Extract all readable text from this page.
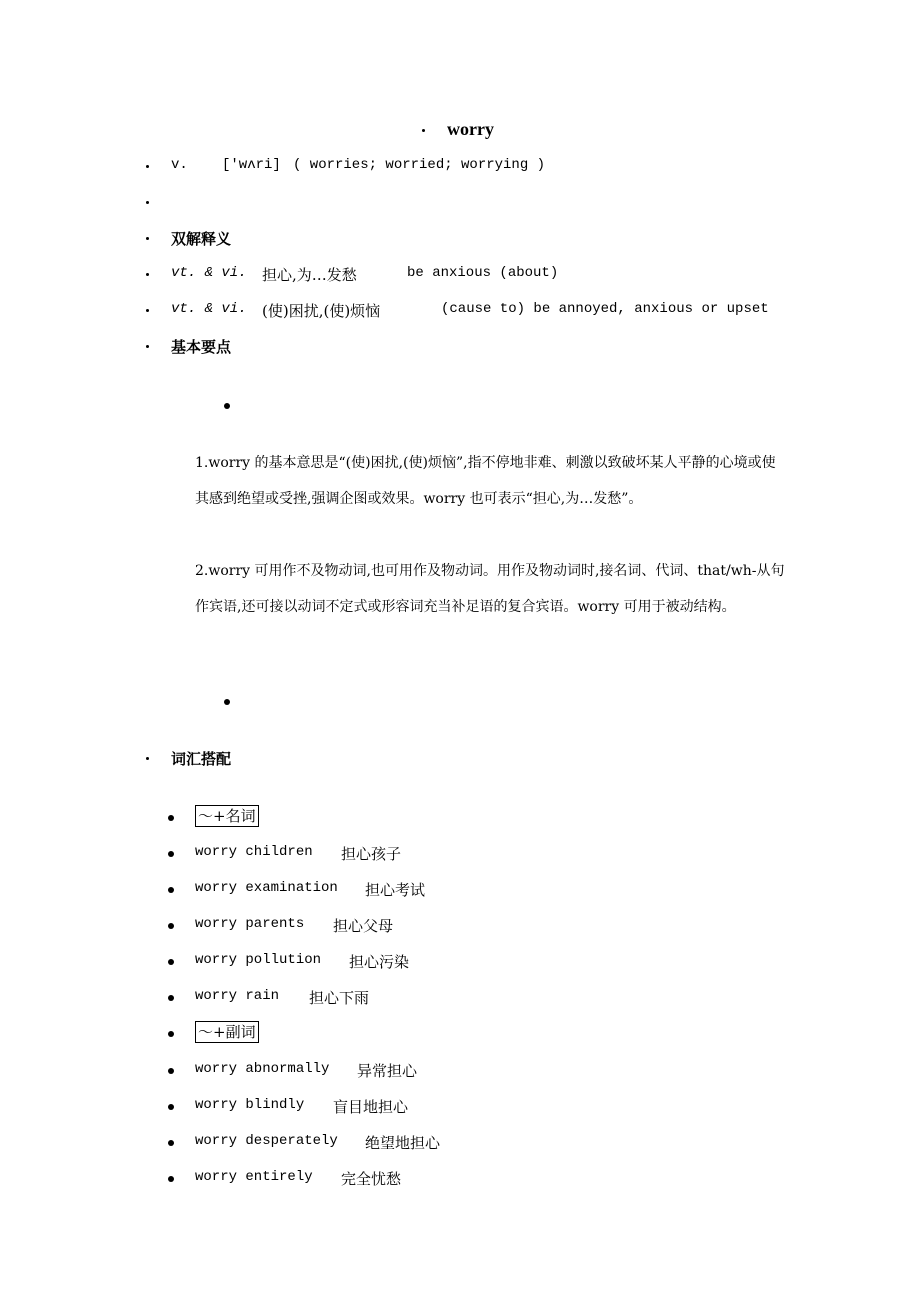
worry
v. ['wʌri] ( worries; worried; worrying )
双解释义
vt. & vi. 担心,为…发愁	be anxious (about)
vt. & vi. (使)困扰,(使)烦恼	(cause to) be annoyed, anxious or upset
基本要点
1.worry 的基本意思是“(使)困扰,(使)烦恼”,指不停地非难、刺激以致破坏某人平静的心境或使其感到绝望或受挫,强调企图或效果。worry 也可表示“担心,为…发愁”。
2.worry 可用作不及物动词,也可用作及物动词。用作及物动词时,接名词、代词、that/wh-从句作宾语,还可接以动词不定式或形容词充当补足语的复合宾语。worry 可用于被动结构。
词汇搭配
～+名词
worry children 担心孩子
worry examination 担心考试
worry parents 担心父母
worry pollution 担心污染
worry rain 担心下雨
～+副词
worry abnormally 异常担心
worry blindly 盲目地担心
worry desperately 绝望地担心
worry entirely 完全忧愁
